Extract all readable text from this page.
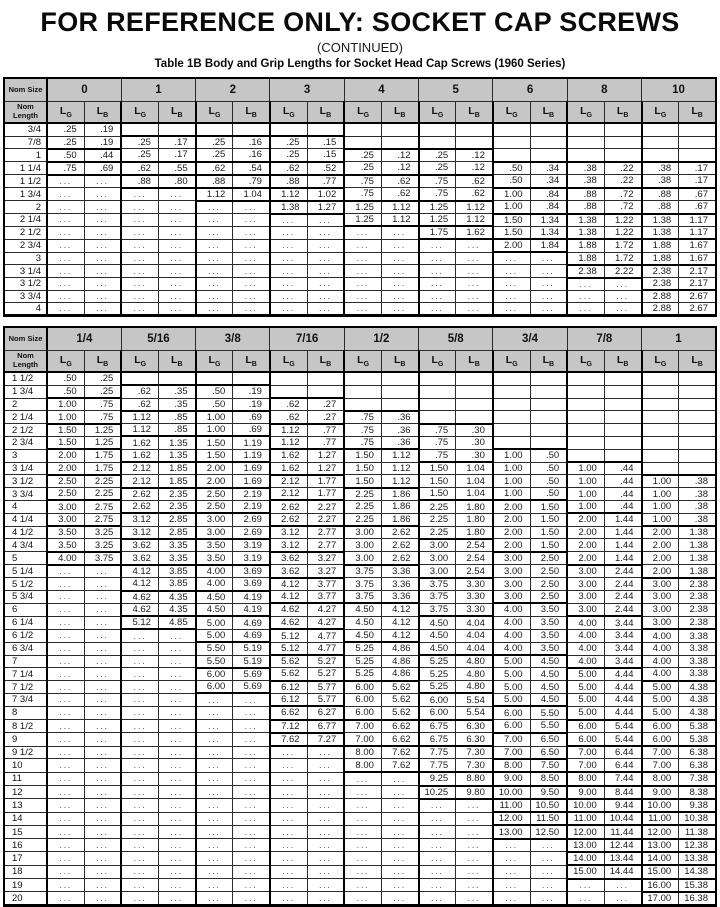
FOR REFERENCE ONLY: SOCKET CAP SCREWS
(CONTINUED)
Table 1B Body and Grip Lengths for Socket Head Cap Screws (1960 Series)
Nom Size	0		1		2		3		4		5		6		8		10	
Nom Length	$L_G$	$L_B$	$L_G$	$L_B$	$L_G$	$L_B$	$L_G$	$L_B$	$L_G$	$L_B$	$L_G$	$L_B$	$L_G$	$L_B$	$L_G$	$L_B$	$L_G$	$L_B$
3/4	.25	.19																
7/8	.25	.19	.25	.17	.25	.16	.25	.15										
1	.50	.44	.25	.17	.25	.16	.25	.15	.25	.12	.25	.12						
1 1/4	.75	.69	.62	.55	.62	.54	.62	.52	.25	.12	.25	.12	.50	.34	.38	.22	.38	.17
1 1/2	...	...	.88	.80	.88	.79	.88	.77	.75	.62	.75	.62	.50	.34	.38	.22	.38	.17
1 3/4	...	...	...	...	1.12	1.04	1.12	1.02	.75	.62	.75	.62	1.00	.84	.88	.72	.88	.67
2	...	...	...	...	...	...	1.38	1.27	1.25	1.12	1.25	1.12	1.00	.84	.88	.72	.88	.67
2 1/4	...	...	...	...	...	...	...	...	1.25	1.12	1.25	1.12	1.50	1.34	1.38	1.22	1.38	1.17
2 1/2	...	...	...	...	...	...	...	...	...	...	1.75	1.62	1.50	1.34	1.38	1.22	1.38	1.17
2 3/4	...	...	...	...	...	...	...	...	...	...	...	...	2.00	1.84	1.88	1.72	1.88	1.67
3	...	...	...	...	...	...	...	...	...	...	...	...	...	...	1.88	1.72	1.88	1.67
3 1/4	...	...	...	...	...	...	...	...	...	...	...	...	...	...	2.38	2.22	2.38	2.17
3 1/2	...	...	...	...	...	...	...	...	...	...	...	...	...	...	...	...	2.38	2.17
3 3/4	...	...	...	...	...	...	...	...	...	...	...	...	...	...	...	...	2.88	2.67
4	...	...	...	...	...	...	...	...	...	...	...	...	...	...	...	...	2.88	2.67
Nom Size	1/4		5/16		3/8		7/16		1/2		5/8		3/4		7/8		1	
Nom Length	$L_G$	$L_B$	$L_G$	$L_B$	$L_G$	$L_B$	$L_G$	$L_B$	$L_G$	$L_B$	$L_G$	$L_B$	$L_G$	$L_B$	$L_G$	$L_B$	$L_G$	$L_B$
1 1/2	.50	.25																
1 3/4	.50	.25	.62	.35	.50	.19												
2	1.00	.75	.62	.35	.50	.19	.62	.27										
2 1/4	1.00	.75	1.12	.85	1.00	.69	.62	.27	.75	.36								
2 1/2	1.50	1.25	1.12	.85	1.00	.69	1.12	.77	.75	.36	.75	.30						
2 3/4	1.50	1.25	1.62	1.35	1.50	1.19	1.12	.77	.75	.36	.75	.30						
3	2.00	1.75	1.62	1.35	1.50	1.19	1.62	1.27	1.50	1.12	.75	.30	1.00	.50				
3 1/4	2.00	1.75	2.12	1.85	2.00	1.69	1.62	1.27	1.50	1.12	1.50	1.04	1.00	.50	1.00	.44		
3 1/2	2.50	2.25	2.12	1.85	2.00	1.69	2.12	1.77	1.50	1.12	1.50	1.04	1.00	.50	1.00	.44	1.00	.38
3 3/4	2.50	2.25	2.62	2.35	2.50	2.19	2.12	1.77	2.25	1.86	1.50	1.04	1.00	.50	1.00	.44	1.00	.38
4	3.00	2.75	2.62	2.35	2.50	2.19	2.62	2.27	2.25	1.86	2.25	1.80	2.00	1.50	1.00	.44	1.00	.38
4 1/4	3.00	2.75	3.12	2.85	3.00	2.69	2.62	2.27	2.25	1.86	2.25	1.80	2.00	1.50	2.00	1.44	1.00	.38
4 1/2	3.50	3.25	3.12	2.85	3.00	2.69	3.12	2.77	3.00	2.62	2.25	1.80	2.00	1.50	2.00	1.44	2.00	1.38
4 3/4	3.50	3.25	3.62	3.35	3.50	3.19	3.12	2.77	3.00	2.62	3.00	2.54	2.00	1.50	2.00	1.44	2.00	1.38
5	4.00	3.75	3.62	3.35	3.50	3.19	3.62	3.27	3.00	2.62	3.00	2.54	3.00	2.50	2.00	1.44	2.00	1.38
5 1/4	...	...	4.12	3.85	4.00	3.69	3.62	3.27	3.75	3.36	3.00	2.54	3.00	2.50	3.00	2.44	2.00	1.38
5 1/2	...	...	4.12	3.85	4.00	3.69	4.12	3.77	3.75	3.36	3.75	3.30	3.00	2.50	3.00	2.44	3.00	2.38
5 3/4	...	...	4.62	4.35	4.50	4.19	4.12	3.77	3.75	3.36	3.75	3.30	3.00	2.50	3.00	2.44	3.00	2.38
6	...	...	4.62	4.35	4.50	4.19	4.62	4.27	4.50	4.12	3.75	3.30	4.00	3.50	3.00	2.44	3.00	2.38
6 1/4	...	...	5.12	4.85	5.00	4.69	4.62	4.27	4.50	4.12	4.50	4.04	4.00	3.50	4.00	3.44	3.00	2.38
6 1/2	...	...	...	...	5.00	4.69	5.12	4.77	4.50	4.12	4.50	4.04	4.00	3.50	4.00	3.44	4.00	3.38
6 3/4	...	...	...	...	5.50	5.19	5.12	4.77	5.25	4.86	4.50	4.04	4.00	3.50	4.00	3.44	4.00	3.38
7	...	...	...	...	5.50	5.19	5.62	5.27	5.25	4.86	5.25	4.80	5.00	4.50	4.00	3.44	4.00	3.38
7 1/4	...	...	...	...	6.00	5.69	5.62	5.27	5.25	4.86	5.25	4.80	5.00	4.50	5.00	4.44	4.00	3.38
7 1/2	...	...	...	...	6.00	5.69	6.12	5.77	6.00	5.62	5.25	4.80	5.00	4.50	5.00	4.44	5.00	4.38
7 3/4	...	...	...	...	...	...	6.12	5.77	6.00	5.62	6.00	5.54	5.00	4.50	5.00	4.44	5.00	4.38
8	...	...	...	...	...	...	6.62	6.27	6.00	5.62	6.00	5.54	6.00	5.50	5.00	4.44	5.00	4.38
8 1/2	...	...	...	...	...	...	7.12	6.77	7.00	6.62	6.75	6.30	6.00	5.50	6.00	5.44	6.00	5.38
9	...	...	...	...	...	...	7.62	7.27	7.00	6.62	6.75	6.30	7.00	6.50	6.00	5.44	6.00	5.38
9 1/2	...	...	...	...	...	...	...	...	8.00	7.62	7.75	7.30	7.00	6.50	7.00	6.44	7.00	6.38
10	...	...	...	...	...	...	...	...	8.00	7.62	7.75	7.30	8.00	7.50	7.00	6.44	7.00	6.38
11	...	...	...	...	...	...	...	...	...	...	9.25	8.80	9.00	8.50	8.00	7.44	8.00	7.38
12	...	...	...	...	...	...	...	...	...	...	10.25	9.80	10.00	9.50	9.00	8.44	9.00	8.38
13	...	...	...	...	...	...	...	...	...	...	...	...	11.00	10.50	10.00	9.44	10.00	9.38
14	...	...	...	...	...	...	...	...	...	...	...	...	12.00	11.50	11.00	10.44	11.00	10.38
15	...	...	...	...	...	...	...	...	...	...	...	...	13.00	12.50	12.00	11.44	12.00	11.38
16	...	...	...	...	...	...	...	...	...	...	...	...	...	...	13.00	12.44	13.00	12.38
17	...	...	...	...	...	...	...	...	...	...	...	...	...	...	14.00	13.44	14.00	13.38
18	...	...	...	...	...	...	...	...	...	...	...	...	...	...	15.00	14.44	15.00	14.38
19	...	...	...	...	...	...	...	...	...	...	...	...	...	...	...	...	16.00	15.38
20	...	...	...	...	...	...	...	...	...	...	...	...	...	...	...	...	17.00	16.38
